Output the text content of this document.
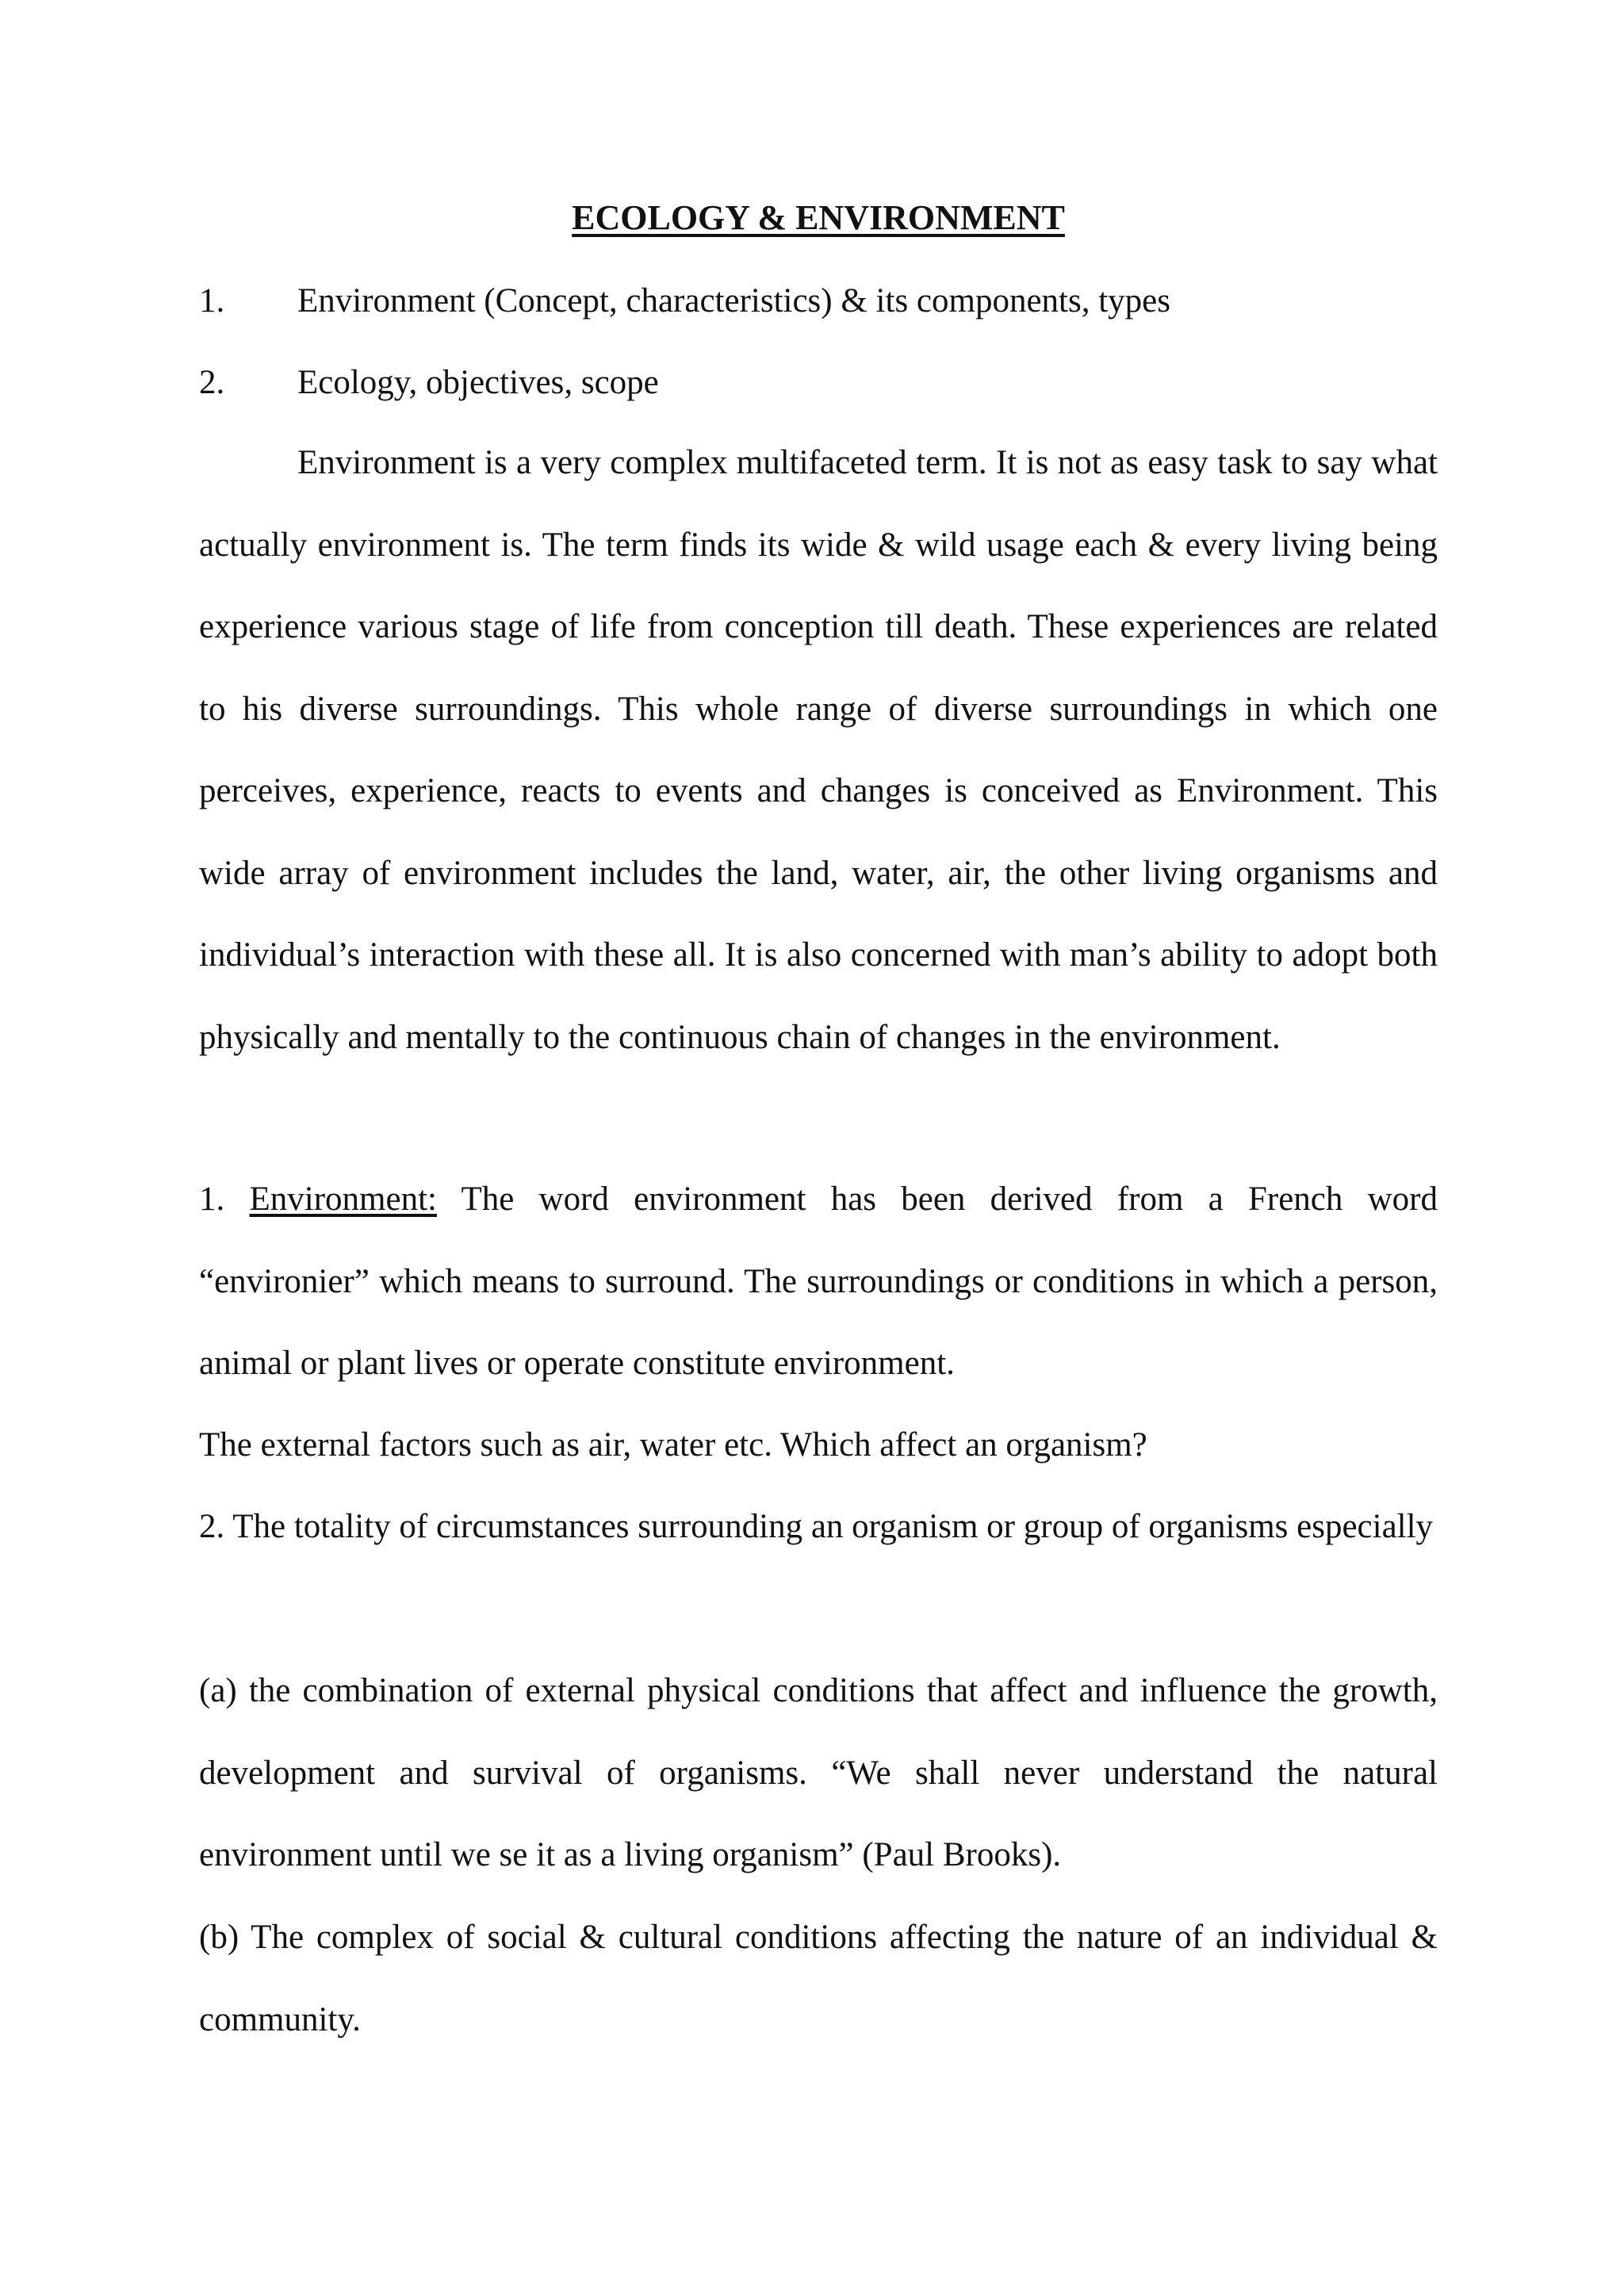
ECOLOGY & ENVIRONMENT
1. Environment (Concept, characteristics) & its components, types
2. Ecology, objectives, scope

Environment is a very complex multifaceted term. It is not as easy task to say what actually environment is. The term finds its wide & wild usage each & every living being experience various stage of life from conception till death. These experiences are related to his diverse surroundings. This whole range of diverse surroundings in which one perceives, experience, reacts to events and changes is conceived as Environment. This wide array of environment includes the land, water, air, the other living organisms and individual’s interaction with these all. It is also concerned with man’s ability to adopt both physically and mentally to the continuous chain of changes in the environment.

1. Environment: The word environment has been derived from a French word “environier” which means to surround. The surroundings or conditions in which a person, animal or plant lives or operate constitute environment.

The external factors such as air, water etc. Which affect an organism?

2. The totality of circumstances surrounding an organism or group of organisms especially

(a) the combination of external physical conditions that affect and influence the growth, development and survival of organisms. “We shall never understand the natural environment until we se it as a living organism” (Paul Brooks).

(b) The complex of social & cultural conditions affecting the nature of an individual & community.
